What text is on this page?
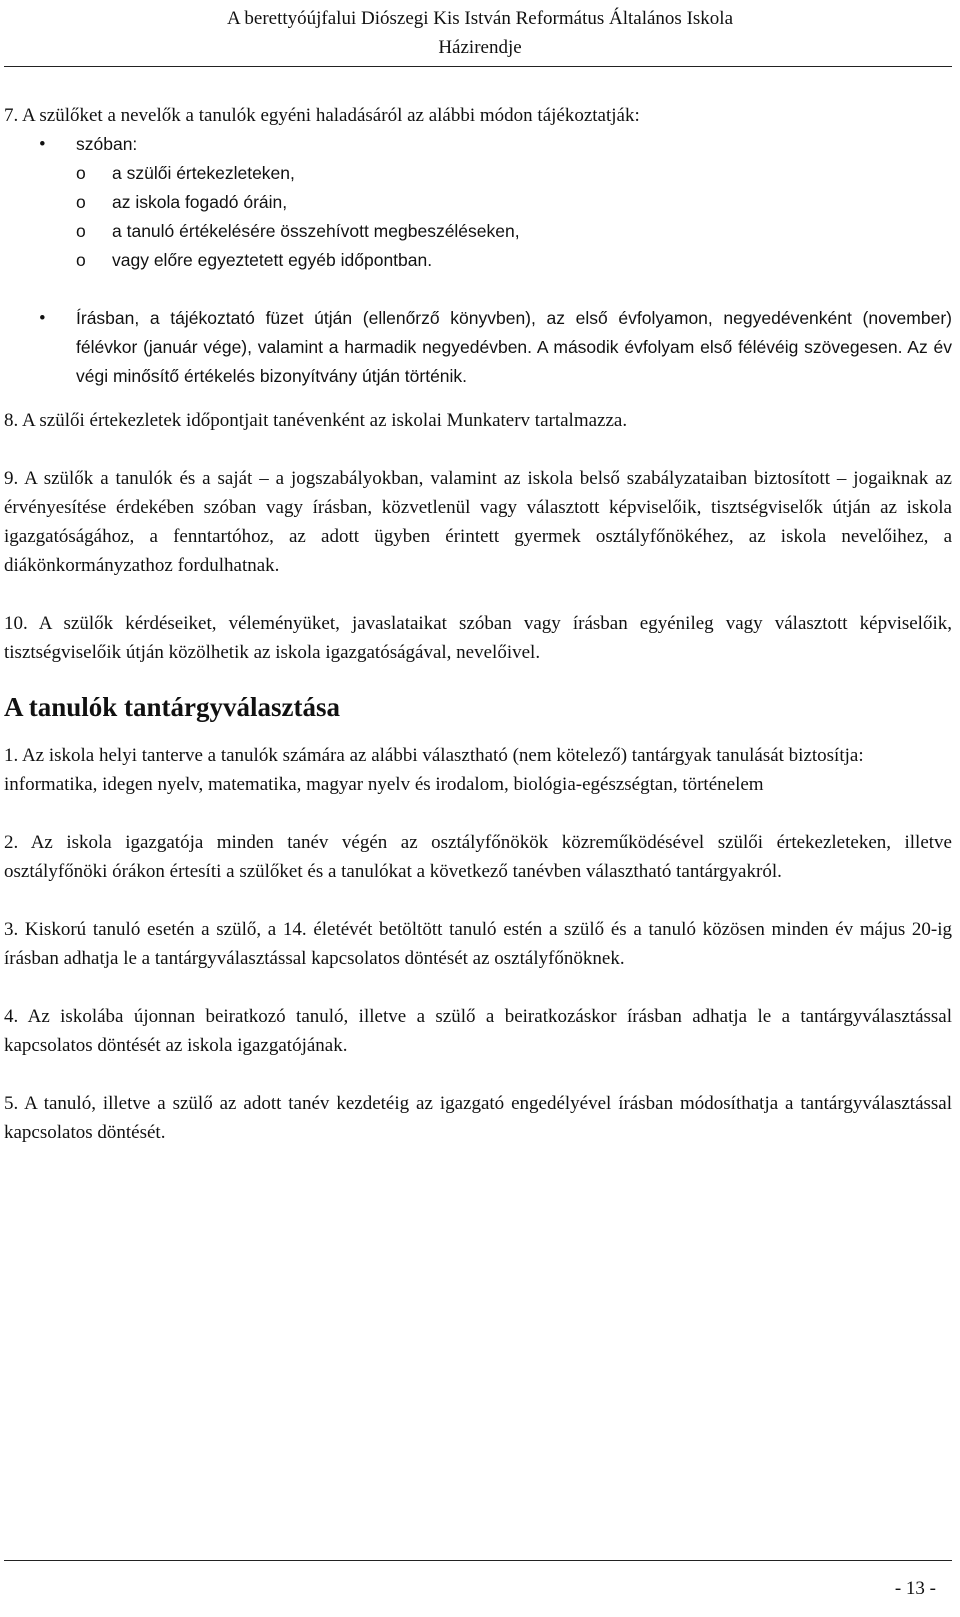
A berettyóújfalui Diószegi Kis István Református Általános Iskola
Házirendje

7. A szülőket a nevelők a tanulók egyéni haladásáról az alábbi módon tájékoztatják:

• szóban:
o a szülői értekezleteken,
o az iskola fogadó óráin,
o a tanuló értékelésére összehívott megbeszéléseken,
o vagy előre egyeztetett egyéb időpontban.
• Írásban, a tájékoztató füzet útján (ellenőrző könyvben), az első évfolyamon, negyedévenként (november) félévkor (január vége), valamint a harmadik negyedévben. A második évfolyam első félévéig szövegesen. Az év végi minősítő értékelés bizonyítvány útján történik.

8. A szülői értekezletek időpontjait tanévenként az iskolai Munkaterv tartalmazza.

9. A szülők a tanulók és a saját – a jogszabályokban, valamint az iskola belső szabályzataiban biztosított – jogaiknak az érvényesítése érdekében szóban vagy írásban, közvetlenül vagy választott képviselőik, tisztségviselők útján az iskola igazgatóságához, a fenntartóhoz, az adott ügyben érintett gyermek osztályfőnökéhez, az iskola nevelőihez, a diákönkormányzathoz fordulhatnak.

10. A szülők kérdéseiket, véleményüket, javaslataikat szóban vagy írásban egyénileg vagy választott képviselőik, tisztségviselőik útján közölhetik az iskola igazgatóságával, nevelőivel.

A tanulók tantárgyválasztása

1. Az iskola helyi tanterve a tanulók számára az alábbi választható (nem kötelező) tantárgyak tanulását biztosítja:

informatika, idegen nyelv, matematika, magyar nyelv és irodalom, biológia-egészségtan, történelem

2. Az iskola igazgatója minden tanév végén az osztályfőnökök közreműködésével szülői értekezleteken, illetve osztályfőnöki órákon értesíti a szülőket és a tanulókat a következő tanévben választható tantárgyakról.

3. Kiskorú tanuló esetén a szülő, a 14. életévét betöltött tanuló estén a szülő és a tanuló közösen minden év május 20-ig írásban adhatja le a tantárgyválasztással kapcsolatos döntését az osztályfőnöknek.

4. Az iskolába újonnan beiratkozó tanuló, illetve a szülő a beiratkozáskor írásban adhatja le a tantárgyválasztással kapcsolatos döntését az iskola igazgatójának.

5. A tanuló, illetve a szülő az adott tanév kezdetéig az igazgató engedélyével írásban módosíthatja a tantárgyválasztással kapcsolatos döntését.

- 13 -
